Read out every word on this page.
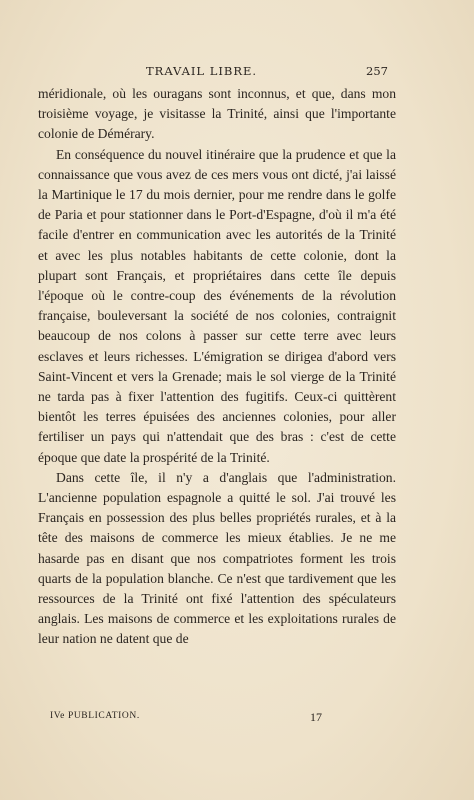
TRAVAIL LIBRE.	257

méridionale, où les ouragans sont inconnus, et que, dans mon troisième voyage, je visitasse la Trinité, ainsi que l'importante colonie de Démérary.

En conséquence du nouvel itinéraire que la prudence et que la connaissance que vous avez de ces mers vous ont dicté, j'ai laissé la Martinique le 17 du mois dernier, pour me rendre dans le golfe de Paria et pour stationner dans le Port-d'Espagne, d'où il m'a été facile d'entrer en communication avec les autorités de la Trinité et avec les plus notables habitants de cette colonie, dont la plupart sont Français, et propriétaires dans cette île depuis l'époque où le contre-coup des événements de la révolution française, bouleversant la société de nos colonies, contraignit beaucoup de nos colons à passer sur cette terre avec leurs esclaves et leurs richesses. L'émigration se dirigea d'abord vers Saint-Vincent et vers la Grenade; mais le sol vierge de la Trinité ne tarda pas à fixer l'attention des fugitifs. Ceux-ci quittèrent bientôt les terres épuisées des anciennes colonies, pour aller fertiliser un pays qui n'attendait que des bras : c'est de cette époque que date la prospérité de la Trinité.

Dans cette île, il n'y a d'anglais que l'administration. L'ancienne population espagnole a quitté le sol. J'ai trouvé les Français en possession des plus belles propriétés rurales, et à la tête des maisons de commerce les mieux établies. Je ne me hasarde pas en disant que nos compatriotes forment les trois quarts de la population blanche. Ce n'est que tardivement que les ressources de la Trinité ont fixé l'attention des spéculateurs anglais. Les maisons de commerce et les exploitations rurales de leur nation ne datent que de

IVe PUBLICATION.	17
